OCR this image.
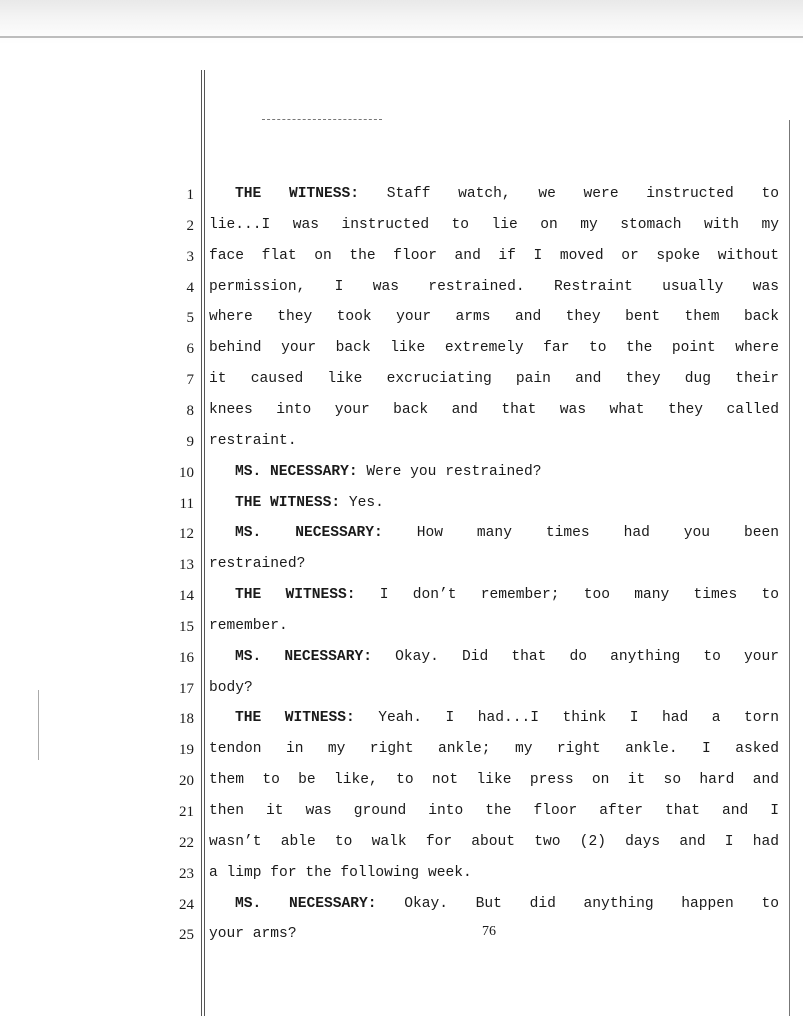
1	THE WITNESS: Staff watch, we were instructed to
2 lie...I was instructed to lie on my stomach with my
3 face flat on the floor and if I moved or spoke without
4 permission, I was restrained. Restraint usually was
5 where they took your arms and they bent them back
6 behind your back like extremely far to the point where
7 it caused like excruciating pain and they dug their
8 knees into your back and that was what they called
9 restraint.
10	MS. NECESSARY: Were you restrained?
11	THE WITNESS: Yes.
12	MS. NECESSARY: How many times had you been
13 restrained?
14	THE WITNESS: I don’t remember; too many times to
15 remember.
16	MS. NECESSARY: Okay. Did that do anything to your
17 body?
18	THE WITNESS: Yeah. I had...I think I had a torn
19 tendon in my right ankle; my right ankle. I asked
20 them to be like, to not like press on it so hard and
21 then it was ground into the floor after that and I
22 wasn’t able to walk for about two (2) days and I had
23 a limp for the following week.
24	MS. NECESSARY: Okay. But did anything happen to
25 your arms?	76
